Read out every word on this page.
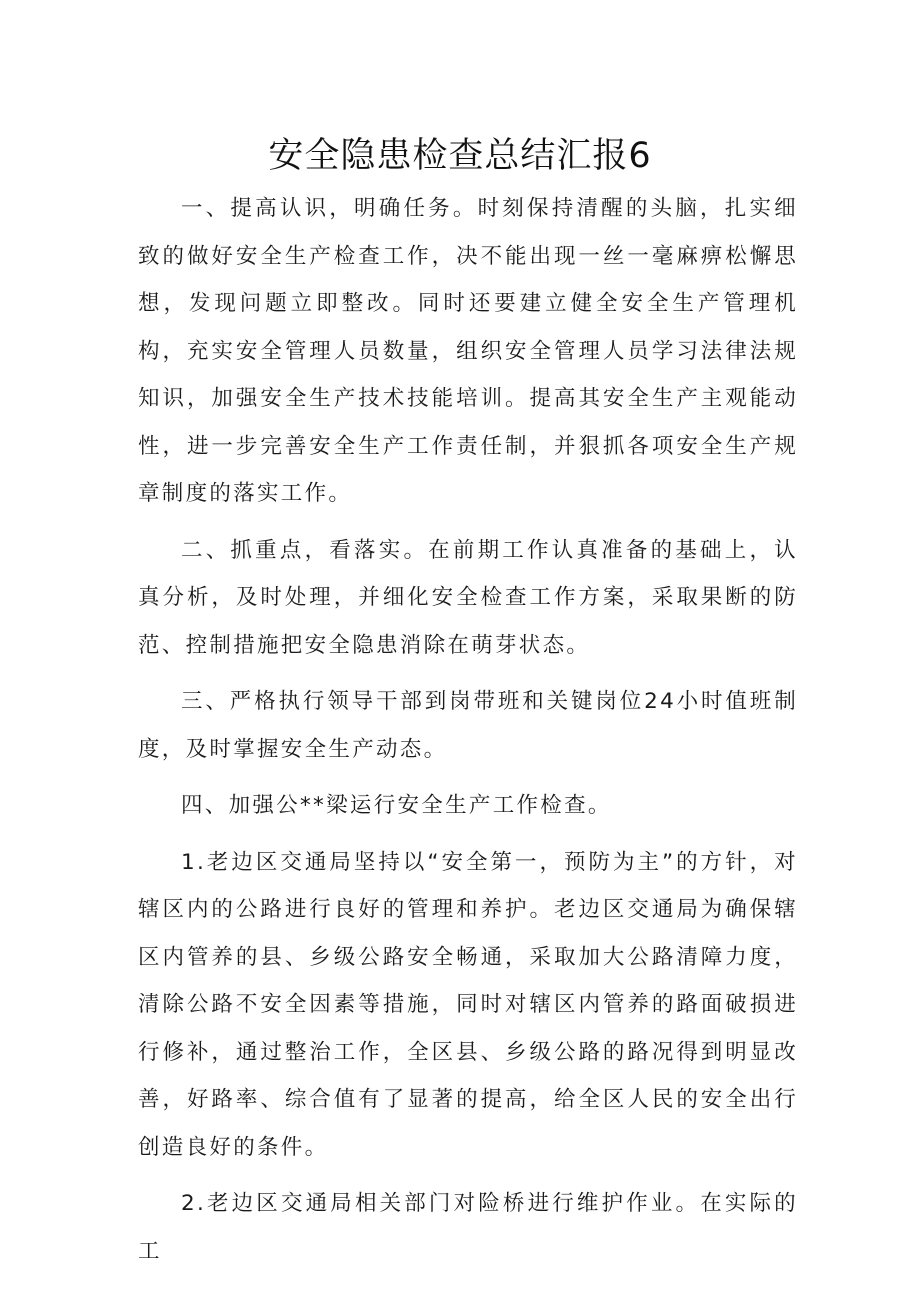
安全隐患检查总结汇报6

一、提高认识，明确任务。时刻保持清醒的头脑，扎实细致的做好安全生产检查工作，决不能出现一丝一毫麻痹松懈思想，发现问题立即整改。同时还要建立健全安全生产管理机构，充实安全管理人员数量，组织安全管理人员学习法律法规知识，加强安全生产技术技能培训。提高其安全生产主观能动性，进一步完善安全生产工作责任制，并狠抓各项安全生产规章制度的落实工作。

二、抓重点，看落实。在前期工作认真准备的基础上，认真分析，及时处理，并细化安全检查工作方案，采取果断的防范、控制措施把安全隐患消除在萌芽状态。

三、严格执行领导干部到岗带班和关键岗位24小时值班制度，及时掌握安全生产动态。

四、加强公**梁运行安全生产工作检查。

1.老边区交通局坚持以“安全第一，预防为主”的方针，对辖区内的公路进行良好的管理和养护。老边区交通局为确保辖区内管养的县、乡级公路安全畅通，采取加大公路清障力度，清除公路不安全因素等措施，同时对辖区内管养的路面破损进行修补，通过整治工作，全区县、乡级公路的路况得到明显改善，好路率、综合值有了显著的提高，给全区人民的安全出行创造良好的条件。

2.老边区交通局相关部门对险桥进行维护作业。在实际的工
